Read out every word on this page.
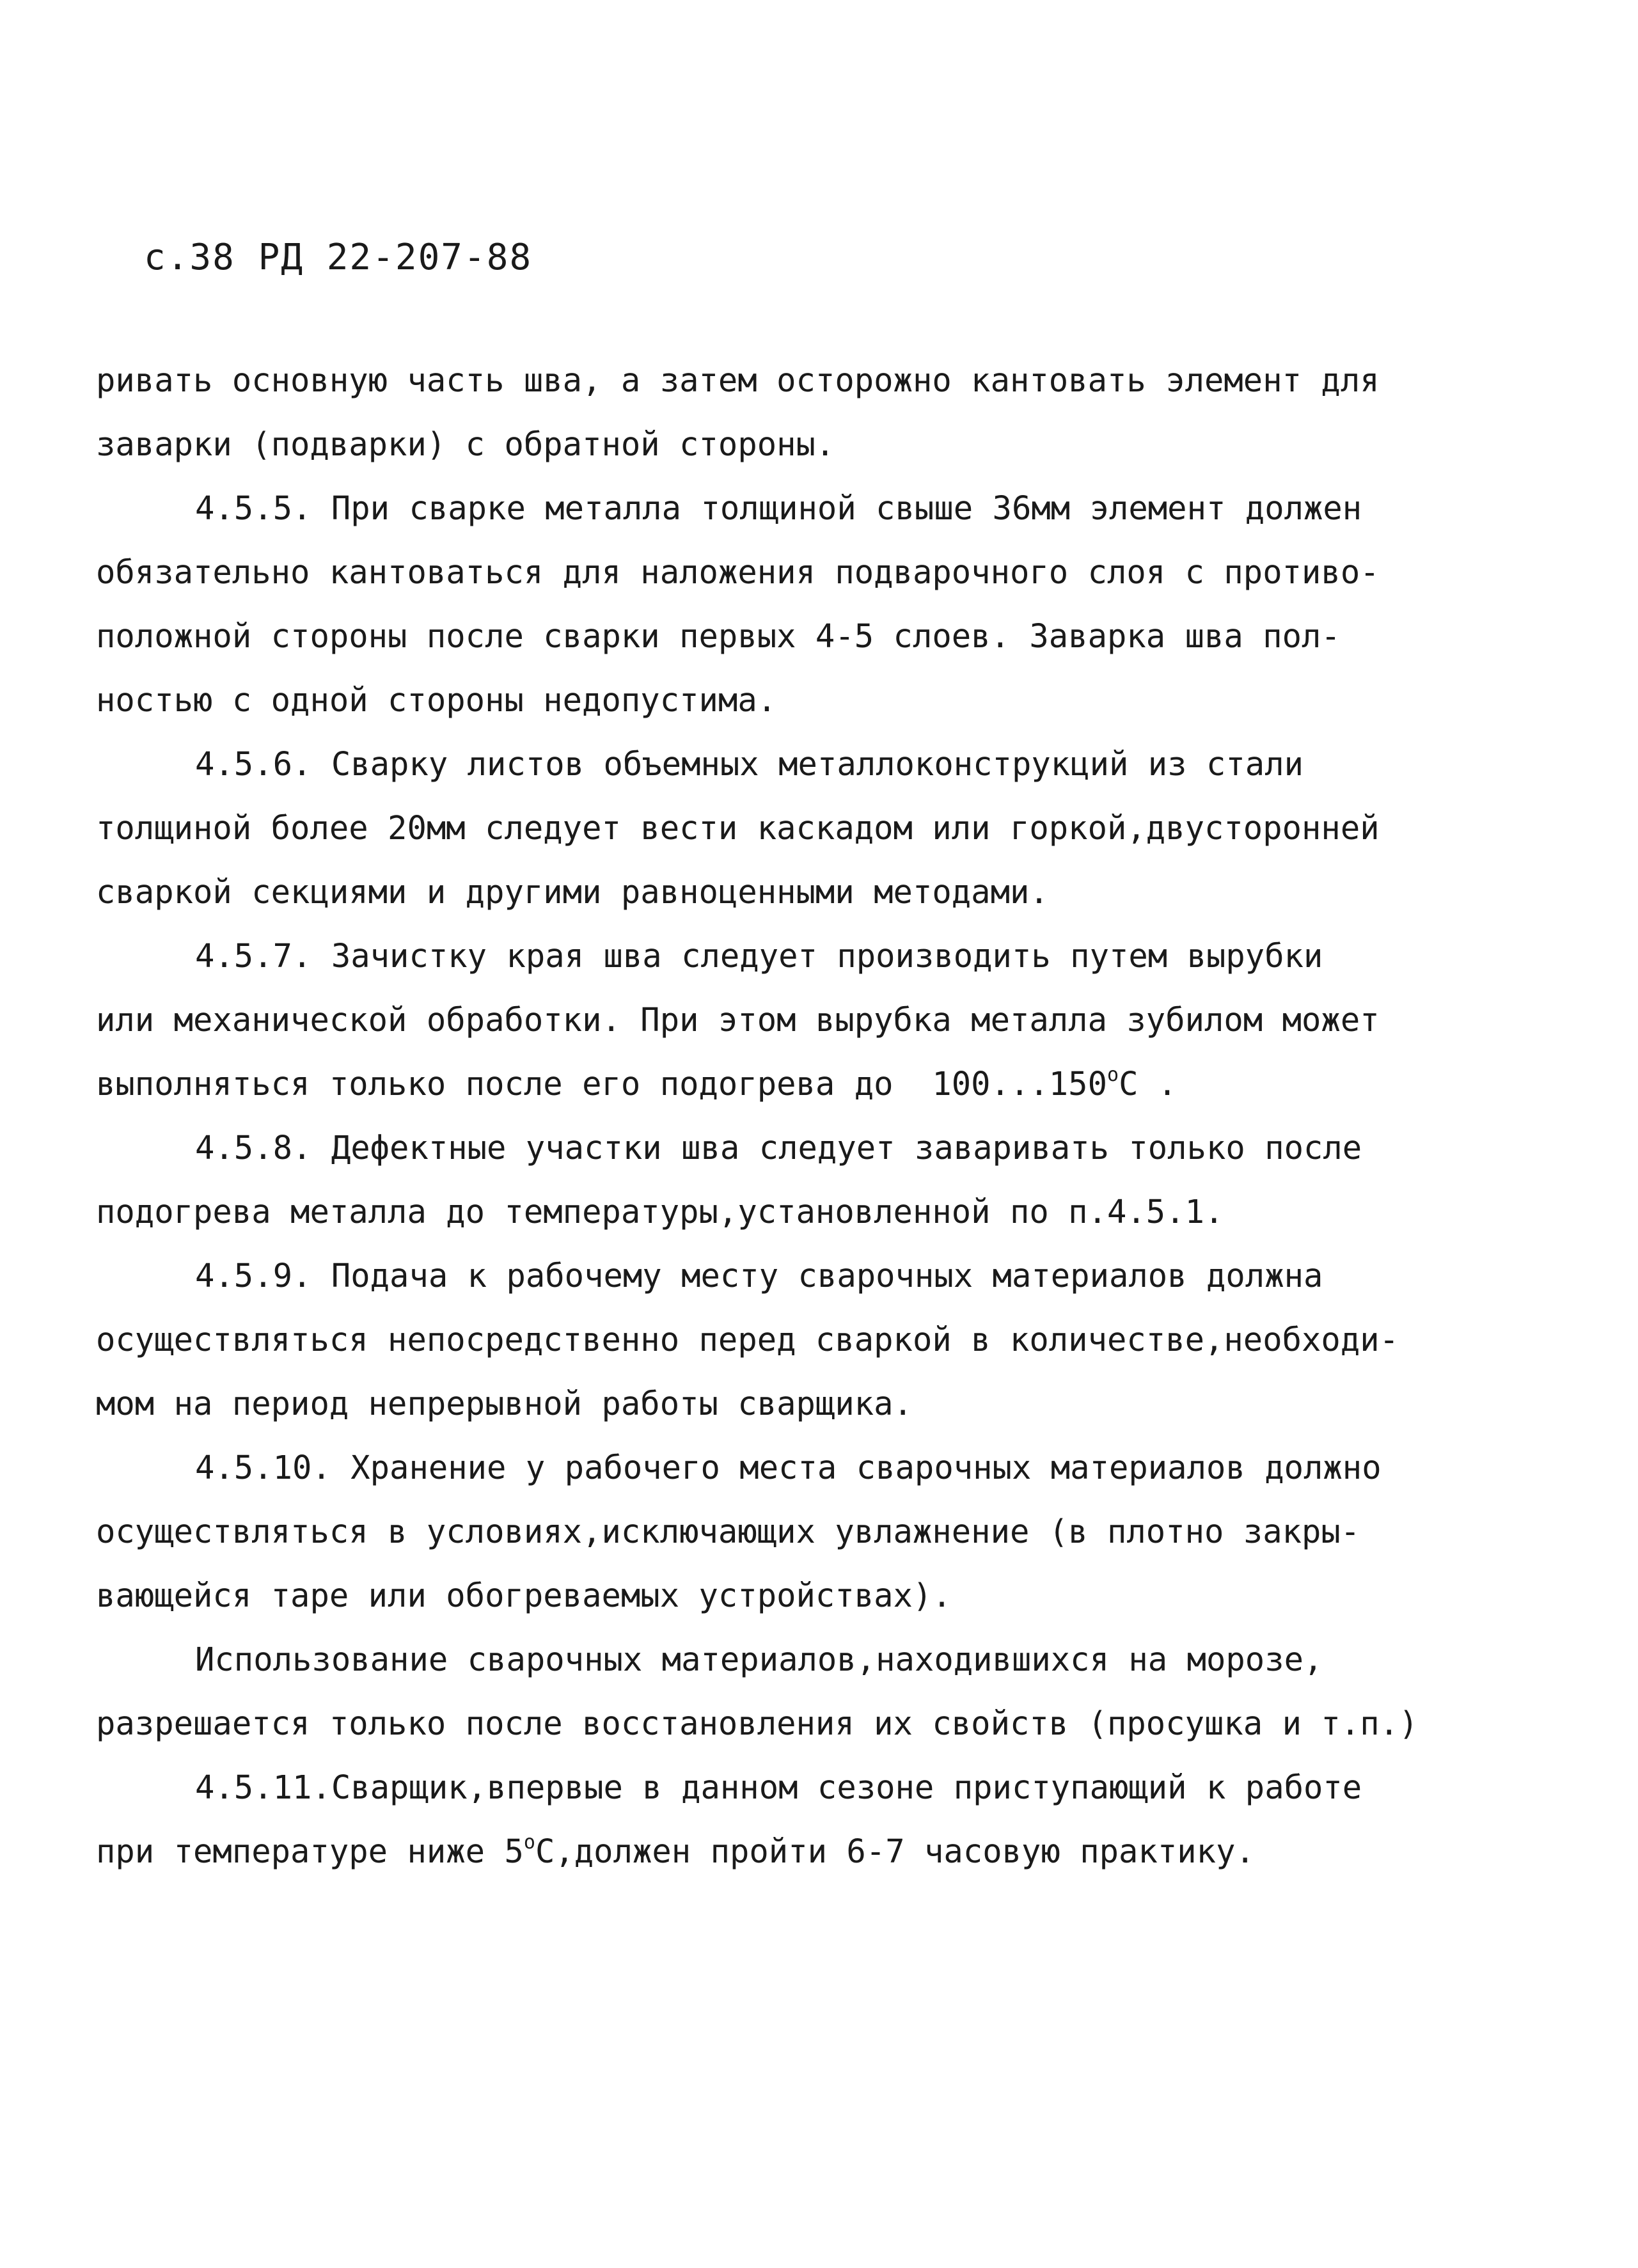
с.38 РД 22-207-88
ривать основную часть шва, а затем осторожно кантовать элемент для
заварки (подварки) с обратной стороны.
4.5.5. При сварке металла толщиной свыше 36мм элемент должен
обязательно кантоваться для наложения подварочного слоя с противо-
положной стороны после сварки первых 4-5 слоев. Заварка шва пол-
ностью с одной стороны недопустима.
4.5.6. Сварку листов объемных металлоконструкций из стали
толщиной более 20мм следует вести каскадом или горкой,двусторонней
сваркой секциями и другими равноценными методами.
4.5.7. Зачистку края шва следует производить путем вырубки
или механической обработки. При этом вырубка металла зубилом может
выполняться только после его подогрева до  $100...150^оС$ .
4.5.8. Дефектные участки шва следует заваривать только после
подогрева металла до температуры,установленной по п.4.5.1.
4.5.9. Подача к рабочему месту сварочных материалов должна
осуществляться непосредственно перед сваркой в количестве,необходи-
мом на период непрерывной работы сварщика.
4.5.10. Хранение у рабочего места сварочных материалов должно
осуществляться в условиях,исключающих увлажнение (в плотно закры-
вающейся таре или обогреваемых устройствах).
Использование сварочных материалов,находившихся на морозе,
разрешается только после восстановления их свойств (просушка и т.п.)
4.5.11.Сварщик,впервые в данном сезоне приступающий к работе
при температуре ниже $5^оС,должен$ пройти 6-7 часовую практику.
